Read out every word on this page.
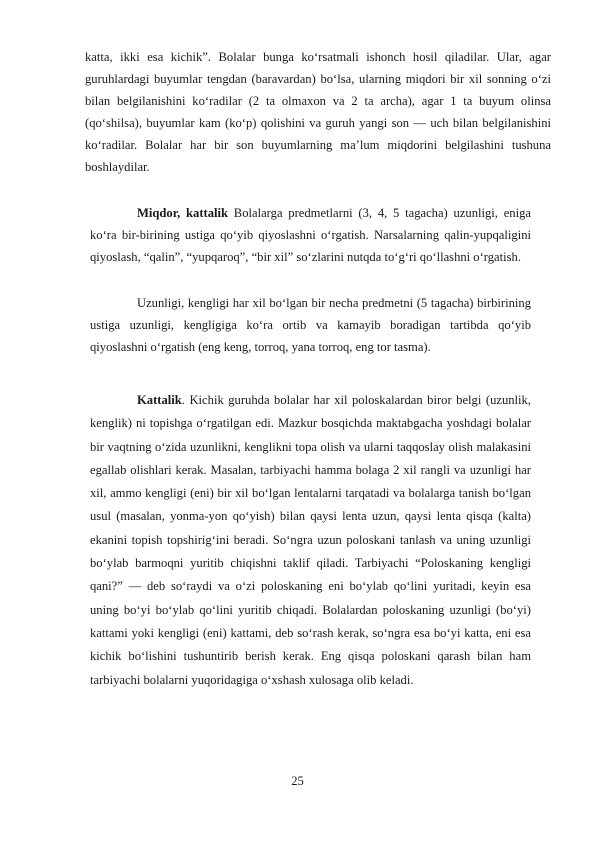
katta, ikki esa kichik”. Bolalar bunga ko‘rsatmali ishonch hosil qiladilar. Ular, agar guruhlardagi buyumlar tengdan (baravardan) bo‘lsa, ularning miqdori bir xil sonning o‘zi bilan belgilanishini ko‘radilar (2 ta olmaxon va 2 ta archa), agar 1 ta buyum olinsa (qo‘shilsa), buyumlar kam (ko‘p) qolishini va guruh yangi son — uch bilan belgilanishini ko‘radilar. Bolalar har bir son buyumlarning ma’lum miqdorini belgilashini tushuna boshlaydilar.
Miqdor, kattalik Bolalarga predmetlarni (3, 4, 5 tagacha) uzunligi, eniga ko‘ra bir-birining ustiga qo‘yib qiyoslashni o‘rgatish. Narsalarning qalin-yupqaligini qiyoslash, “qalin”, “yupqaroq”, “bir xil” so‘zlarini nutqda to‘g‘ri qo‘llashni o‘rgatish.
Uzunligi, kengligi har xil bo‘lgan bir necha predmetni (5 tagacha) birbirining ustiga uzunligi, kengligiga ko‘ra ortib va kamayib boradigan tartibda qo‘yib qiyoslashni o‘rgatish (eng keng, torroq, yana torroq, eng tor tasma).
Kattalik. Kichik guruhda bolalar har xil poloskalardan biror belgi (uzunlik, kenglik) ni topishga o‘rgatilgan edi. Mazkur bosqichda maktabgacha yoshdagi bolalar bir vaqtning o‘zida uzunlikni, kenglikni topa olish va ularni taqqoslay olish malakasini egallab olishlari kerak. Masalan, tarbiyachi hamma bolaga 2 xil rangli va uzunligi har xil, ammo kengligi (eni) bir xil bo‘lgan lentalarni tarqatadi va bolalarga tanish bo‘lgan usul (masalan, yonma-yon qo‘yish) bilan qaysi lenta uzun, qaysi lenta qisqa (kalta) ekanini topish topshirig‘ini beradi. So‘ngra uzun poloskani tanlash va uning uzunligi bo‘ylab barmoqni yuritib chiqishni taklif qiladi. Tarbiyachi “Poloskaning kengligi qani?” — deb so‘raydi va o‘zi poloskaning eni bo‘ylab qo‘lini yuritadi, keyin esa uning bo‘yi bo‘ylab qo‘lini yuritib chiqadi. Bolalardan poloskaning uzunligi (bo‘yi) kattami yoki kengligi (eni) kattami, deb so‘rash kerak, so‘ngra esa bo‘yi katta, eni esa kichik bo‘lishini tushuntirib berish kerak. Eng qisqa poloskani qarash bilan ham tarbiyachi bolalarni yuqoridagiga o‘xshash xulosaga olib keladi.
25
